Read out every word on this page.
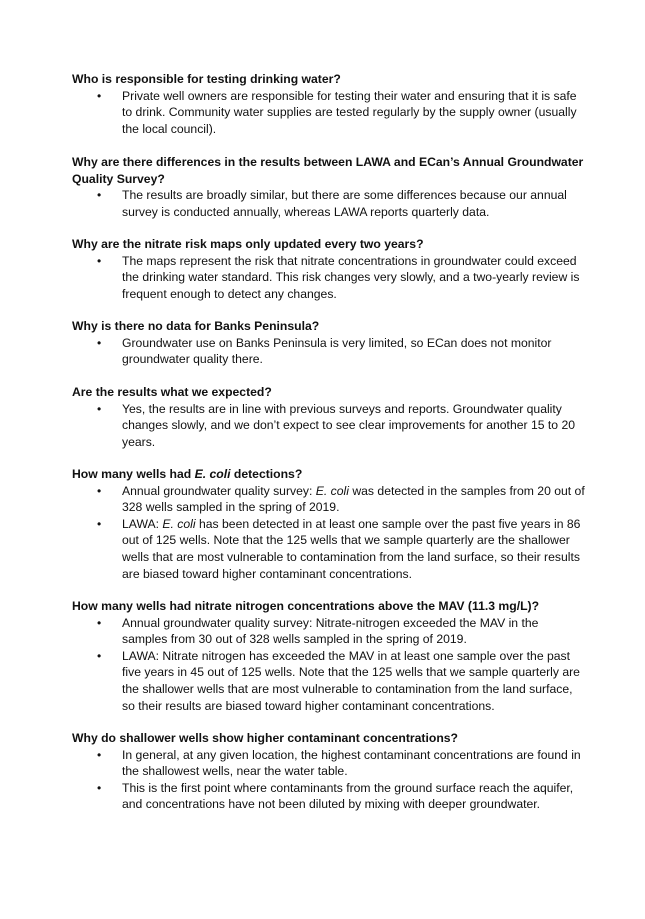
Who is responsible for testing drinking water?

• Private well owners are responsible for testing their water and ensuring that it is safe to drink. Community water supplies are tested regularly by the supply owner (usually the local council).

Why are there differences in the results between LAWA and ECan’s Annual Groundwater Quality Survey?

• The results are broadly similar, but there are some differences because our annual survey is conducted annually, whereas LAWA reports quarterly data.

Why are the nitrate risk maps only updated every two years?

• The maps represent the risk that nitrate concentrations in groundwater could exceed the drinking water standard. This risk changes very slowly, and a two-yearly review is frequent enough to detect any changes.

Why is there no data for Banks Peninsula?

• Groundwater use on Banks Peninsula is very limited, so ECan does not monitor groundwater quality there.

Are the results what we expected?

• Yes, the results are in line with previous surveys and reports. Groundwater quality changes slowly, and we don’t expect to see clear improvements for another 15 to 20 years.

How many wells had E. coli detections?

• Annual groundwater quality survey: E. coli was detected in the samples from 20 out of 328 wells sampled in the spring of 2019.
• LAWA: E. coli has been detected in at least one sample over the past five years in 86 out of 125 wells. Note that the 125 wells that we sample quarterly are the shallower wells that are most vulnerable to contamination from the land surface, so their results are biased toward higher contaminant concentrations.

How many wells had nitrate nitrogen concentrations above the MAV (11.3 mg/L)?

• Annual groundwater quality survey: Nitrate-nitrogen exceeded the MAV in the samples from 30 out of 328 wells sampled in the spring of 2019.
• LAWA: Nitrate nitrogen has exceeded the MAV in at least one sample over the past five years in 45 out of 125 wells. Note that the 125 wells that we sample quarterly are the shallower wells that are most vulnerable to contamination from the land surface, so their results are biased toward higher contaminant concentrations.

Why do shallower wells show higher contaminant concentrations?

• In general, at any given location, the highest contaminant concentrations are found in the shallowest wells, near the water table.
• This is the first point where contaminants from the ground surface reach the aquifer, and concentrations have not been diluted by mixing with deeper groundwater.
